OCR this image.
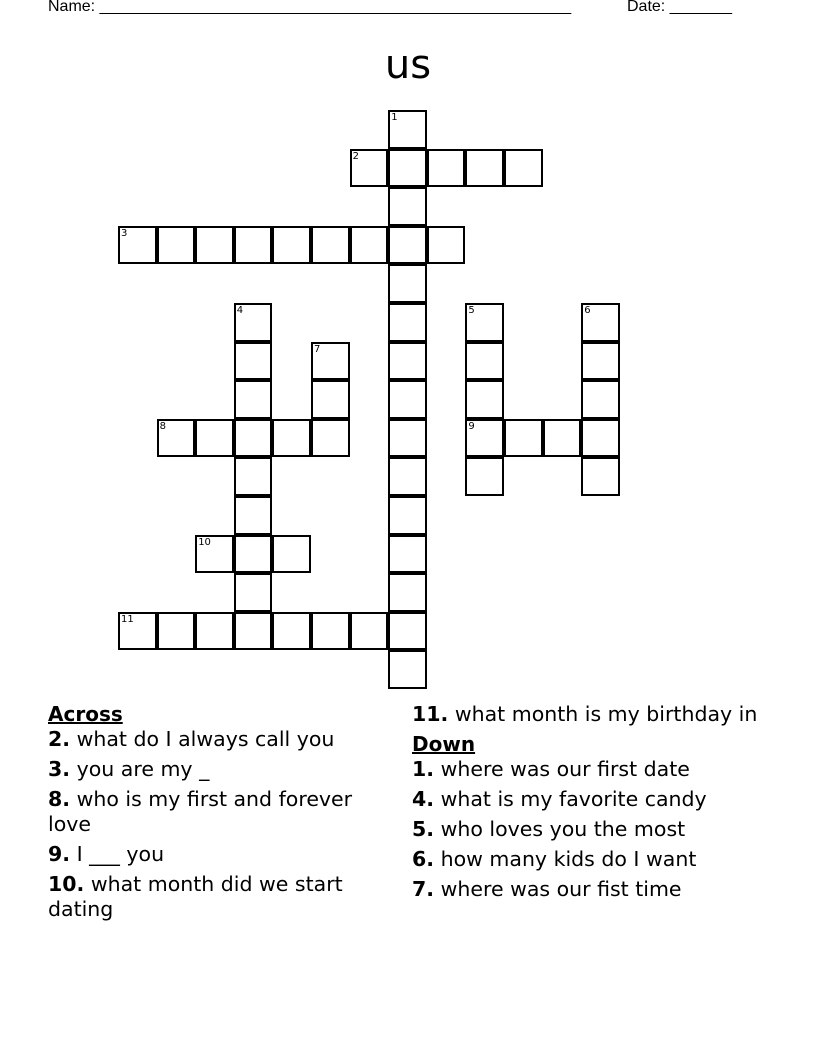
Name: _____________________________________________________	Date: _______
us
2
3
8	9
10
11
1
4	5	6
7
Across
2. what do I always call you
3. you are my _
8. who is my first and forever love
9. I ___ you
10. what month did we start dating
11. what month is my birthday in
Down
1. where was our first date
4. what is my favorite candy
5. who loves you the most
6. how many kids do I want
7. where was our fist time
